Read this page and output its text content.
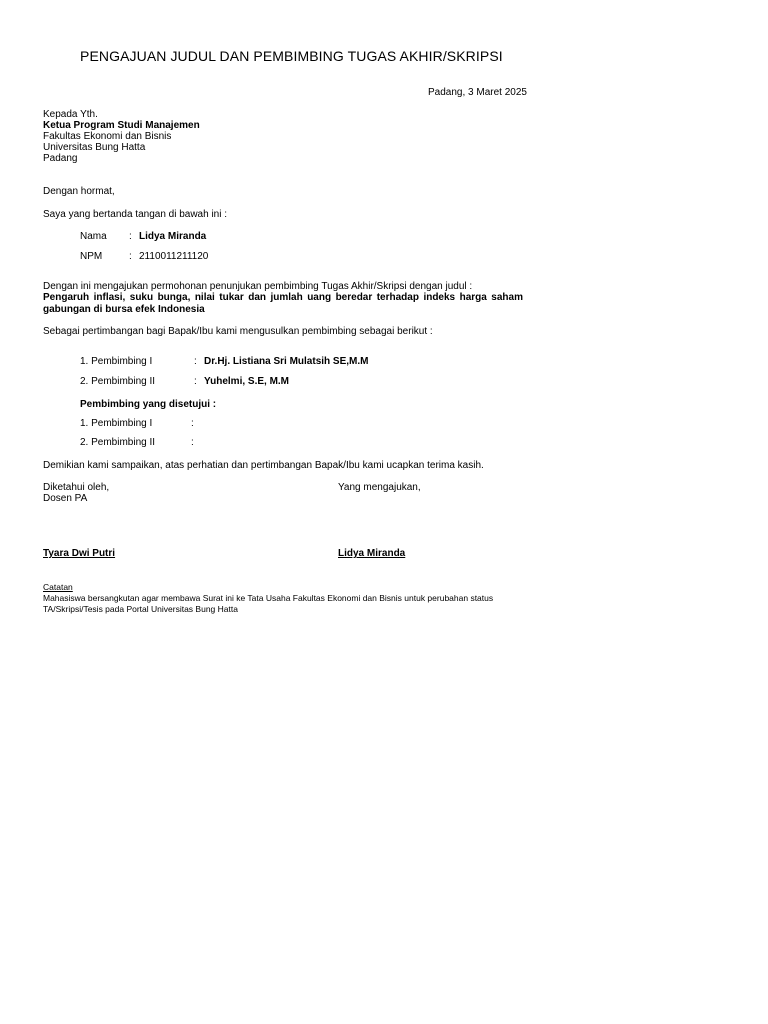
PENGAJUAN JUDUL DAN PEMBIMBING TUGAS AKHIR/SKRIPSI
Padang, 3 Maret 2025
Kepada Yth.
Ketua Program Studi Manajemen
Fakultas Ekonomi dan Bisnis
Universitas Bung Hatta
Padang
Dengan hormat,
Saya yang bertanda tangan di bawah ini :
Nama : Lidya Miranda
NPM	: 2110011211120
Dengan ini mengajukan permohonan penunjukan pembimbing Tugas Akhir/Skripsi dengan judul :
Pengaruh inflasi, suku bunga, nilai tukar dan jumlah uang beredar terhadap indeks harga saham gabungan di bursa efek Indonesia
Sebagai pertimbangan bagi Bapak/Ibu kami mengusulkan pembimbing sebagai berikut :
1. Pembimbing I	: Dr.Hj. Listiana Sri Mulatsih SE,M.M
2. Pembimbing II	: Yuhelmi, S.E, M.M
Pembimbing yang disetujui :
1. Pembimbing I	:
2. Pembimbing II	:
Demikian kami sampaikan, atas perhatian dan pertimbangan Bapak/Ibu kami ucapkan terima kasih.
Diketahui oleh,
Dosen PA
Yang mengajukan,
Tyara Dwi Putri	Lidya Miranda
Catatan
Mahasiswa bersangkutan agar membawa Surat ini ke Tata Usaha Fakultas Ekonomi dan Bisnis untuk perubahan status TA/Skripsi/Tesis pada Portal Universitas Bung Hatta
